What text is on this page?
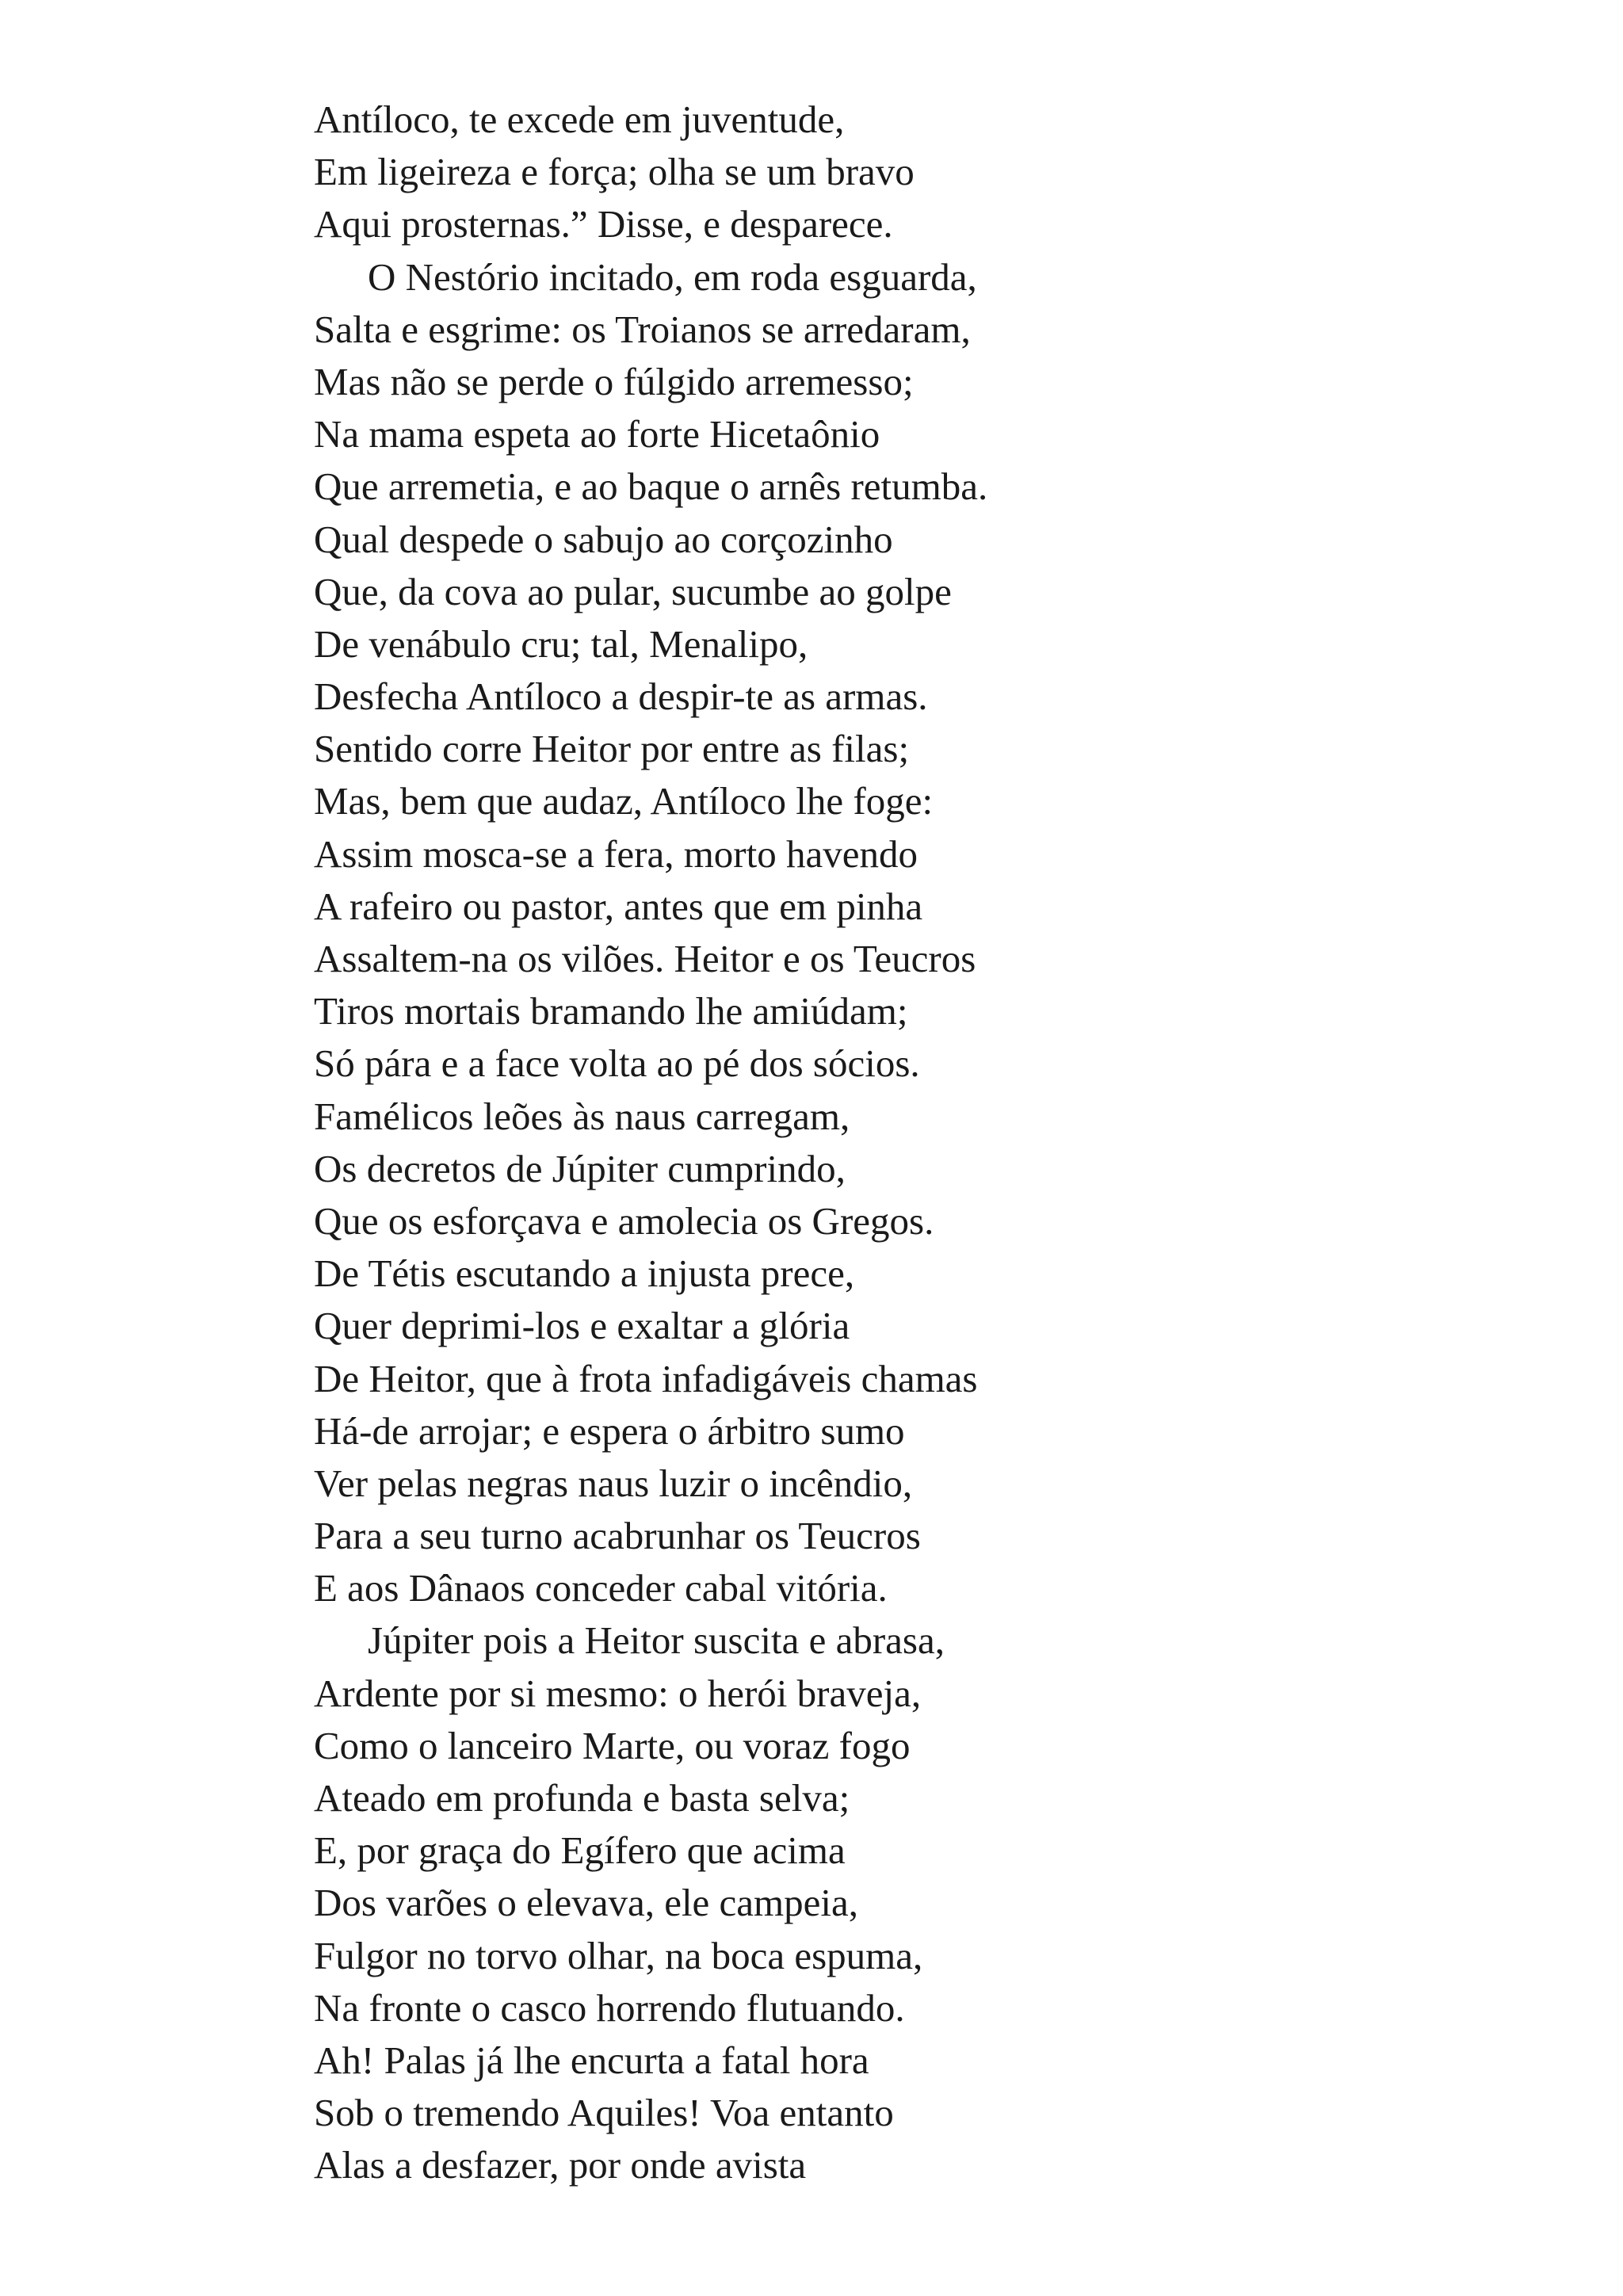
Antíloco, te excede em juventude,
Em ligeireza e força; olha se um bravo
Aqui prosternas.” Disse, e desparece.
O Nestório incitado, em roda esguarda,
Salta e esgrime: os Troianos se arredaram,
Mas não se perde o fúlgido arremesso;
Na mama espeta ao forte Hicetaônio
Que arremetia, e ao baque o arnês retumba.
Qual despede o sabujo ao corçozinho
Que, da cova ao pular, sucumbe ao golpe
De venábulo cru; tal, Menalipo,
Desfecha Antíloco a despir-te as armas.
Sentido corre Heitor por entre as filas;
Mas, bem que audaz, Antíloco lhe foge:
Assim mosca-se a fera, morto havendo
A rafeiro ou pastor, antes que em pinha
Assaltem-na os vilões. Heitor e os Teucros
Tiros mortais bramando lhe amiúdam;
Só pára e a face volta ao pé dos sócios.
Famélicos leões às naus carregam,
Os decretos de Júpiter cumprindo,
Que os esforçava e amolecia os Gregos.
De Tétis escutando a injusta prece,
Quer deprimi-los e exaltar a glória
De Heitor, que à frota infadigáveis chamas
Há-de arrojar; e espera o árbitro sumo
Ver pelas negras naus luzir o incêndio,
Para a seu turno acabrunhar os Teucros
E aos Dânaos conceder cabal vitória.
Júpiter pois a Heitor suscita e abrasa,
Ardente por si mesmo: o herói braveja,
Como o lanceiro Marte, ou voraz fogo
Ateado em profunda e basta selva;
E, por graça do Egífero que acima
Dos varões o elevava, ele campeia,
Fulgor no torvo olhar, na boca espuma,
Na fronte o casco horrendo flutuando.
Ah! Palas já lhe encurta a fatal hora
Sob o tremendo Aquiles! Voa entanto
Alas a desfazer, por onde avista
